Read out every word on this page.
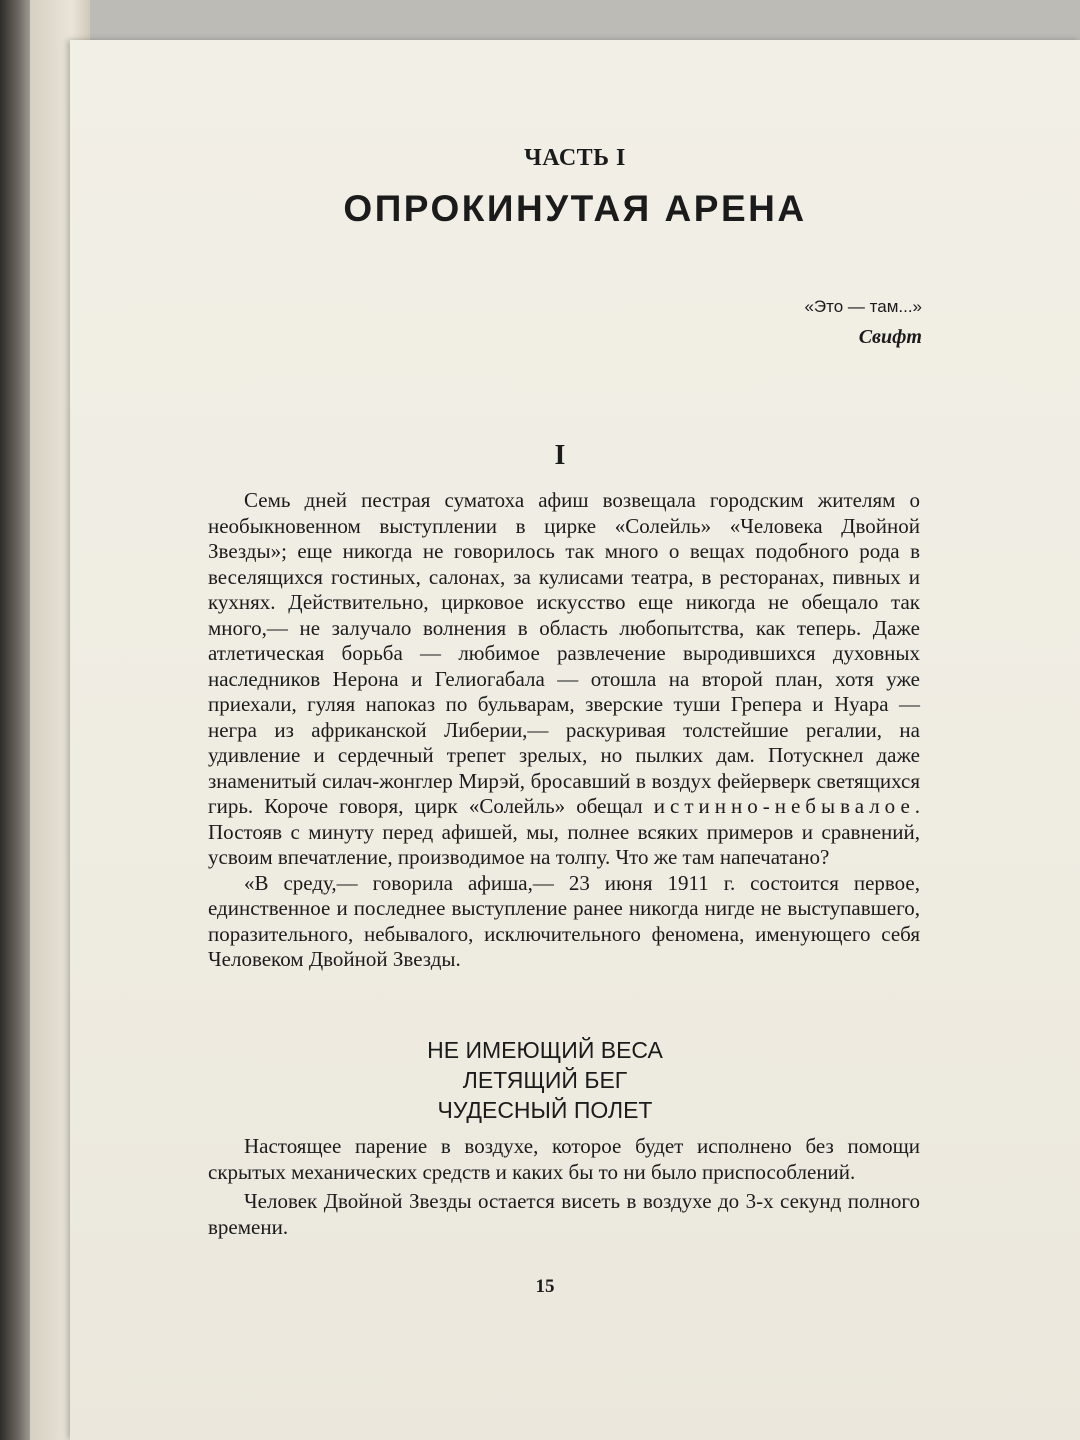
ЧАСТЬ I
ОПРОКИНУТАЯ АРЕНА
«Это — там...»
Свифт
I

Семь дней пестрая суматоха афиш возвещала городским жителям о необыкновенном выступлении в цирке «Солейль» «Человека Двойной Звезды»; еще никогда не говорилось так много о вещах подобного рода в веселящихся гостиных, салонах, за кулисами театра, в ресторанах, пивных и кухнях. Действительно, цирковое искусство еще никогда не обещало так много,— не залучало волнения в область любопытства, как теперь. Даже атлетическая борьба — любимое развлечение выродившихся духовных наследников Нерона и Гелиогабала — отошла на второй план, хотя уже приехали, гуляя напоказ по бульварам, зверские туши Грепера и Нуара — негра из африканской Либерии,— раскуривая толстейшие регалии, на удивление и сердечный трепет зрелых, но пылких дам. Потускнел даже знаменитый силач-жонглер Мирэй, бросавший в воздух фейерверк светящихся гирь. Короче говоря, цирк «Солейль» обещал истинно-небывалое. Постояв с минуту перед афишей, мы, полнее всяких примеров и сравнений, усвоим впечатление, производимое на толпу. Что же там напечатано?

«В среду,— говорила афиша,— 23 июня 1911 г. состоится первое, единственное и последнее выступление ранее никогда нигде не выступавшего, поразительного, небывалого, исключительного феномена, именующего себя Человеком Двойной Звезды.

НЕ ИМЕЮЩИЙ ВЕСА
ЛЕТЯЩИЙ БЕГ
ЧУДЕСНЫЙ ПОЛЕТ

Настоящее парение в воздухе, которое будет исполнено без помощи скрытых механических средств и каких бы то ни было приспособлений.

Человек Двойной Звезды остается висеть в воздухе до 3-х секунд полного времени.

15
